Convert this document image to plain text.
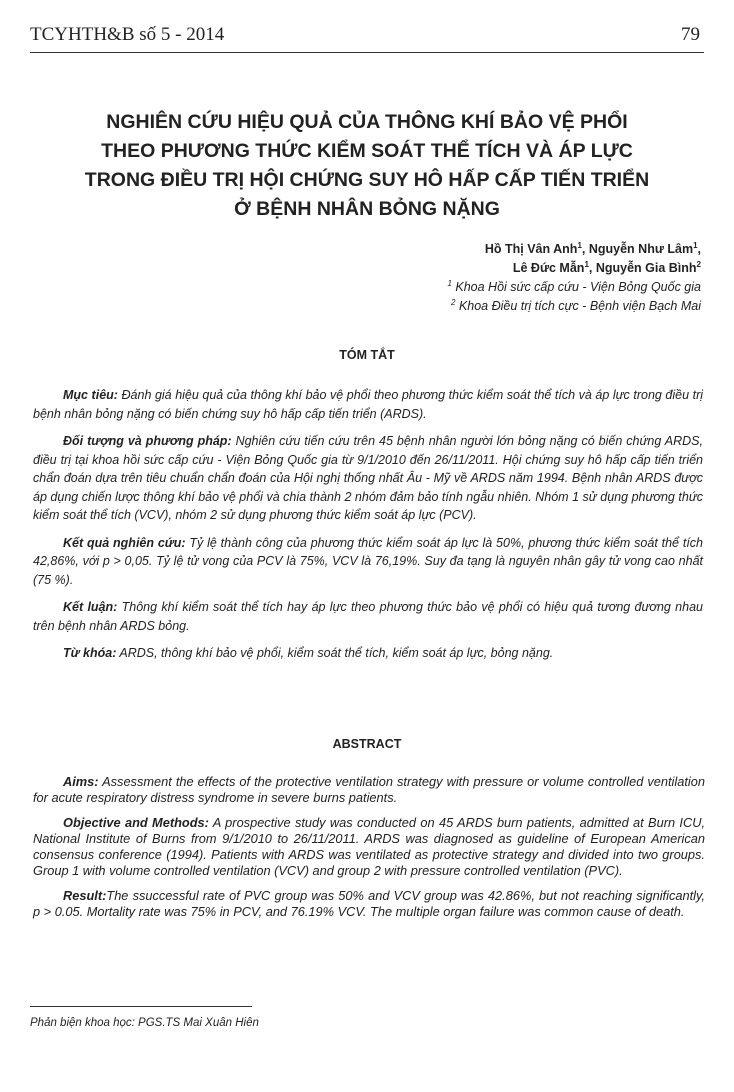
TCYHTH&B số 5 - 2014	79
NGHIÊN CỨU HIỆU QUẢ CỦA THÔNG KHÍ BẢO VỆ PHỔI
THEO PHƯƠNG THỨC KIỂM SOÁT THỂ TÍCH VÀ ÁP LỰC
TRONG ĐIỀU TRỊ HỘI CHỨNG SUY HÔ HẤP CẤP TIẾN TRIỂN
Ở BỆNH NHÂN BỎNG NẶNG
Hồ Thị Vân Anh$^1$, Nguyễn Như Lâm$^1$,
Lê Đức Mẫn$^1$, Nguyễn Gia Bình$^2$
$^1$ Khoa Hồi sức cấp cứu - Viện Bỏng Quốc gia
$^2$ Khoa Điều trị tích cực - Bệnh viện Bạch Mai
TÓM TẮT

Mục tiêu: Đánh giá hiệu quả của thông khí bảo vệ phổi theo phương thức kiểm soát thể tích và áp lực trong điều trị bệnh nhân bỏng nặng có biến chứng suy hô hấp cấp tiến triển (ARDS).

Đối tượng và phương pháp: Nghiên cứu tiến cứu trên 45 bệnh nhân người lớn bỏng nặng có biến chứng ARDS, điều trị tại khoa hồi sức cấp cứu - Viện Bỏng Quốc gia từ 9/1/2010 đến 26/11/2011. Hội chứng suy hô hấp cấp tiến triển chẩn đoán dựa trên tiêu chuẩn chẩn đoán của Hội nghị thống nhất Âu - Mỹ về ARDS năm 1994. Bệnh nhân ARDS được áp dụng chiến lược thông khí bảo vệ phổi và chia thành 2 nhóm đảm bảo tính ngẫu nhiên. Nhóm 1 sử dụng phương thức kiểm soát thể tích (VCV), nhóm 2 sử dụng phương thức kiểm soát áp lực (PCV).

Kết quả nghiên cứu: Tỷ lệ thành công của phương thức kiểm soát áp lực là 50%, phương thức kiểm soát thể tích 42,86%, với p > 0,05. Tỷ lệ tử vong của PCV là 75%, VCV là 76,19%. Suy đa tạng là nguyên nhân gây tử vong cao nhất (75 %).

Kết luận: Thông khí kiểm soát thể tích hay áp lực theo phương thức bảo vệ phổi có hiệu quả tương đương nhau trên bệnh nhân ARDS bỏng.

Từ khóa: ARDS, thông khí bảo vệ phổi, kiểm soát thể tích, kiểm soát áp lực, bỏng nặng.

ABSTRACT

Aims: Assessment the effects of the protective ventilation strategy with pressure or volume controlled ventilation for acute respiratory distress syndrome in severe burns patients.

Objective and Methods: A prospective study was conducted on 45 ARDS burn patients, admitted at Burn ICU, National Institute of Burns from 9/1/2010 to 26/11/2011. ARDS was diagnosed as guideline of European American consensus conference (1994). Patients with ARDS was ventilated as protective strategy and divided into two groups. Group 1 with volume controlled ventilation (VCV) and group 2 with pressure controlled ventilation (PVC).

Result:The ssuccessful rate of PVC group was 50% and VCV group was 42.86%, but not reaching significantly, p > 0.05. Mortality rate was 75% in PCV, and 76.19% VCV. The multiple organ failure was common cause of death.

Phản biện khoa học: PGS.TS Mai Xuân Hiên
